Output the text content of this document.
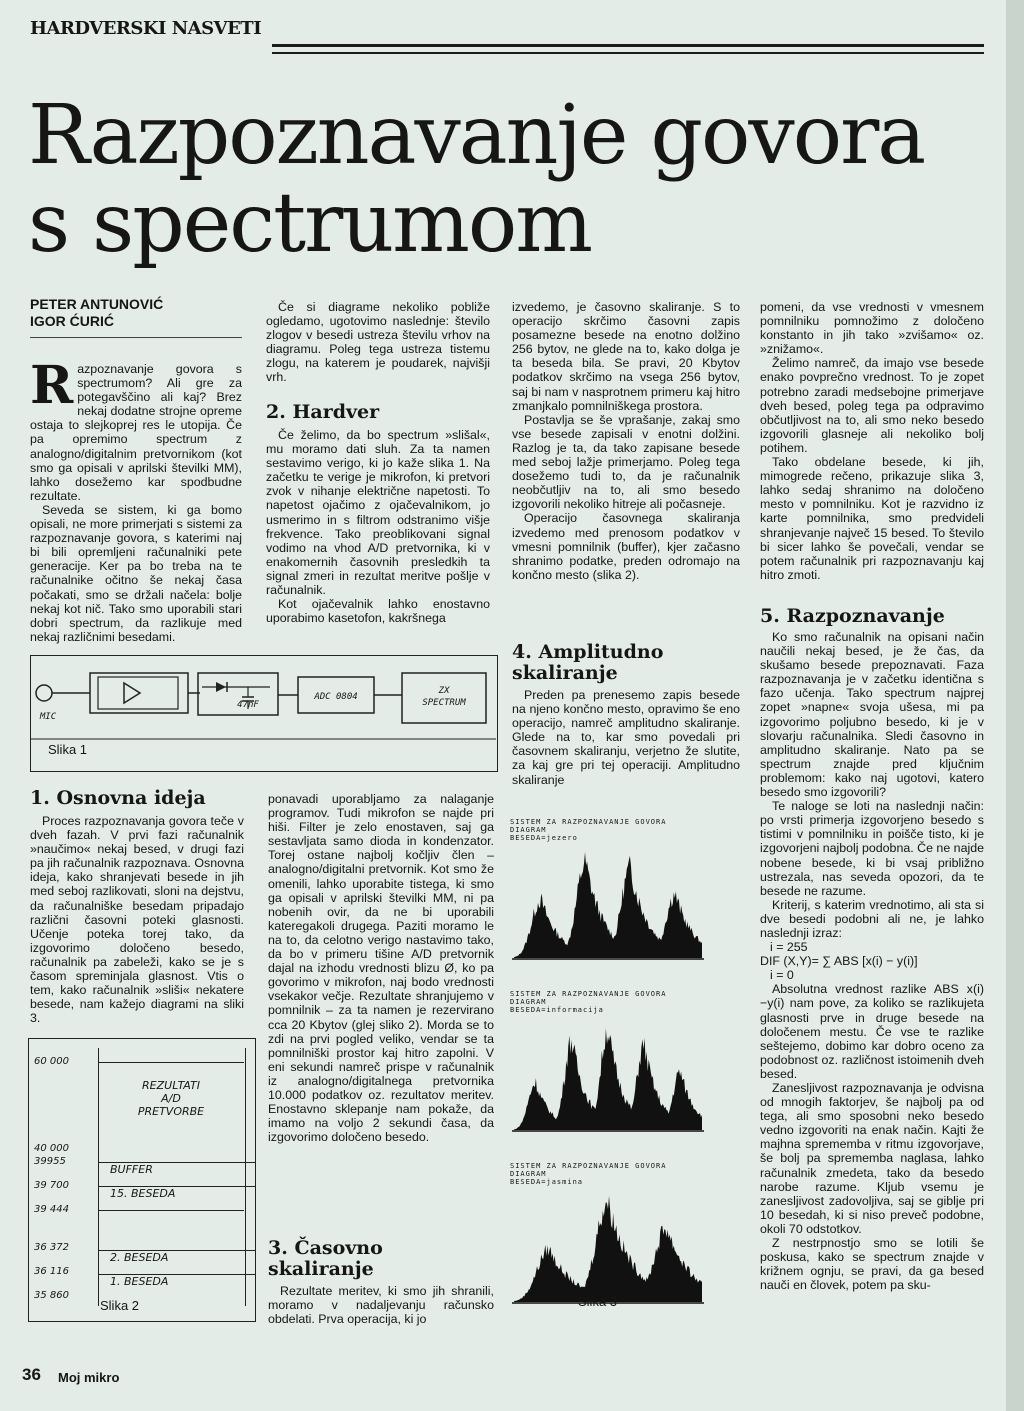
HARDVERSKI NASVETI
Razpoznavanje govora
s spectrumom
PETER ANTUNOVIĆ
IGOR ĆURIĆ

Razpoznavanje govora s spectrumom? Ali gre za potegavščino ali kaj? Brez nekaj dodatne strojne opreme ostaja to slejkoprej res le utopija. Če pa opremimo spectrum z analogno/digitalnim pretvornikom (kot smo ga opisali v aprilski številki MM), lahko dosežemo kar spodbudne rezultate.

Seveda se sistem, ki ga bomo opisali, ne more primerjati s sistemi za razpoznavanje govora, s katerimi naj bi bili opremljeni računalniki pete generacije. Ker pa bo treba na te računalnike očitno še nekaj časa počakati, smo se držali načela: bolje nekaj kot nič. Tako smo uporabili stari dobri spectrum, da razlikuje med nekaj različnimi besedami.

Če si diagrame nekoliko pobliže ogledamo, ugotovimo naslednje: število zlogov v besedi ustreza številu vrhov na diagramu. Poleg tega ustreza tistemu zlogu, na katerem je poudarek, najvišji vrh.

2. Hardver

Če želimo, da bo spectrum »slišal«, mu moramo dati sluh. Za ta namen sestavimo verigo, ki jo kaže slika 1. Na začetku te verige je mikrofon, ki pretvori zvok v nihanje električne napetosti. To napetost ojačimo z ojačevalnikom, jo usmerimo in s filtrom odstranimo višje frekvence. Tako preoblikovani signal vodimo na vhod A/D pretvornika, ki v enakomernih časovnih presledkih ta signal zmeri in rezultat meritve pošlje v računalnik.

Kot ojačevalnik lahko enostavno uporabimo kasetofon, kakršnega

izvedemo, je časovno skaliranje. S to operacijo skrčimo časovni zapis posamezne besede na enotno dolžino 256 bytov, ne glede na to, kako dolga je ta beseda bila. Se pravi, 20 Kbytov podatkov skrčimo na vsega 256 bytov, saj bi nam v nasprotnem primeru kaj hitro zmanjkalo pomnilniškega prostora.

Postavlja se še vprašanje, zakaj smo vse besede zapisali v enotni dolžini. Razlog je ta, da tako zapisane besede med seboj lažje primerjamo. Poleg tega dosežemo tudi to, da je računalnik neobčutljiv na to, ali smo besedo izgovorili nekoliko hitreje ali počasneje.

Operacijo časovnega skaliranja izvedemo med prenosom podatkov v vmesni pomnilnik (buffer), kjer začasno shranimo podatke, preden odromajo na končno mesto (slika 2).

4. Amplitudno skaliranje

Preden pa prenesemo zapis besede na njeno končno mesto, opravimo še eno operacijo, namreč amplitudno skaliranje. Glede na to, kar smo povedali pri časovnem skaliranju, verjetno že slutite, za kaj gre pri tej operaciji. Amplitudno skaliranje

pomeni, da vse vrednosti v vmesnem pomnilniku pomnožimo z določeno konstanto in jih tako »zvišamo« oz. »znižamo«.

Želimo namreč, da imajo vse besede enako povprečno vrednost. To je zopet potrebno zaradi medsebojne primerjave dveh besed, poleg tega pa odpravimo občutljivost na to, ali smo neko besedo izgovorili glasneje ali nekoliko bolj potihem.

Tako obdelane besede, ki jih, mimogrede rečeno, prikazuje slika 3, lahko sedaj shranimo na določeno mesto v pomnilniku. Kot je razvidno iz karte pomnilnika, smo predvideli shranjevanje največ 15 besed. To število bi sicer lahko še povečali, vendar se potem računalnik pri razpoznavanju kaj hitro zmoti.

5. Razpoznavanje

Ko smo računalnik na opisani način naučili nekaj besed, je že čas, da skušamo besede prepoznavati. Faza razpoznavanja je v začetku identična s fazo učenja. Tako spectrum najprej zopet »napne« svoja ušesa, mi pa izgovorimo poljubno besedo, ki je v slovarju računalnika. Sledi časovno in amplitudno skaliranje. Nato pa se spectrum znajde pred ključnim problemom: kako naj ugotovi, katero besedo smo izgovorili?

Te naloge se loti na naslednji način: po vrsti primerja izgovorjeno besedo s tistimi v pomnilniku in poišče tisto, ki je izgovorjeni najbolj podobna. Če ne najde nobene besede, ki bi vsaj približno ustrezala, nas seveda opozori, da te besede ne razume.

Kriterij, s katerim vrednotimo, ali sta si dve besedi podobni ali ne, je lahko naslednji izraz:

i = 255

DIF (X,Y)= ∑ ABS [x(i) − y(i)]

i = 0

Absolutna vrednost razlike ABS x(i)−y(i) nam pove, za koliko se razlikujeta glasnosti prve in druge besede na določenem mestu. Če vse te razlike seštejemo, dobimo kar dobro oceno za podobnost oz. različnost istoimenih dveh besed.

Zanesljivost razpoznavanja je odvisna od mnogih faktorjev, še najbolj pa od tega, ali smo sposobni neko besedo vedno izgovoriti na enak način. Kajti že majhna sprememba v ritmu izgovorjave, še bolj pa sprememba naglasa, lahko računalnik zmedeta, tako da besedo narobe razume. Kljub vsemu je zanesljivost zadovoljiva, saj se giblje pri 10 besedah, ki si niso preveč podobne, okoli 70 odstotkov.

Z nestrpnostjo smo se lotili še poskusa, kako se spectrum znajde v križnem ognju, se pravi, da ga besed nauči en človek, potem pa sku-

MIC
47nF
ADC 0804
ZX
SPECTRUM
Slika 1
1. Osnovna ideja

Proces razpoznavanja govora teče v dveh fazah. V prvi fazi računalnik »naučimo« nekaj besed, v drugi fazi pa jih računalnik razpoznava. Osnovna ideja, kako shranjevati besede in jih med seboj razlikovati, sloni na dejstvu, da računalniške besedam pripadajo različni časovni poteki glasnosti. Učenje poteka torej tako, da izgovorimo določeno besedo, računalnik pa zabeleži, kako se je s časom spreminjala glasnost. Vtis o tem, kako računalnik »sliši« nekatere besede, nam kažejo diagrami na sliki 3.

60 000
40 000
39955
39 700
39 444
36 372
36 116
35 860
REZULTATI
A/D
PRETVORBE
BUFFER
15. BESEDA
2. BESEDA
1. BESEDA
Slika 2

ponavadi uporabljamo za nalaganje programov. Tudi mikrofon se najde pri hiši. Filter je zelo enostaven, saj ga sestavljata samo dioda in kondenzator. Torej ostane najbolj kočljiv člen – analogno/digitalni pretvornik. Kot smo že omenili, lahko uporabite tistega, ki smo ga opisali v aprilski številki MM, ni pa nobenih ovir, da ne bi uporabili kateregakoli drugega. Paziti moramo le na to, da celotno verigo nastavimo tako, da bo v primeru tišine A/D pretvornik dajal na izhodu vrednosti blizu Ø, ko pa govorimo v mikrofon, naj bodo vrednosti vsekakor večje. Rezultate shranjujemo v pomnilnik – za ta namen je rezervirano cca 20 Kbytov (glej sliko 2). Morda se to zdi na prvi pogled veliko, vendar se ta pomnilniški prostor kaj hitro zapolni. V eni sekundi namreč prispe v računalnik iz analogno/digitalnega pretvornika 10.000 podatkov oz. rezultatov meritev. Enostavno sklepanje nam pokaže, da imamo na voljo 2 sekundi časa, da izgovorimo določeno besedo.

3. Časovno skaliranje

Rezultate meritev, ki smo jih shranili, moramo v nadaljevanju računsko obdelati. Prva operacija, ki jo

SISTEM ZA RAZPOZNAVANJE GOVORA
DIAGRAM
BESEDA=jezero
SISTEM ZA RAZPOZNAVANJE GOVORA
DIAGRAM
BESEDA=informacija
SISTEM ZA RAZPOZNAVANJE GOVORA
DIAGRAM
BESEDA=jasmina
Slika 3
36 Moj mikro
